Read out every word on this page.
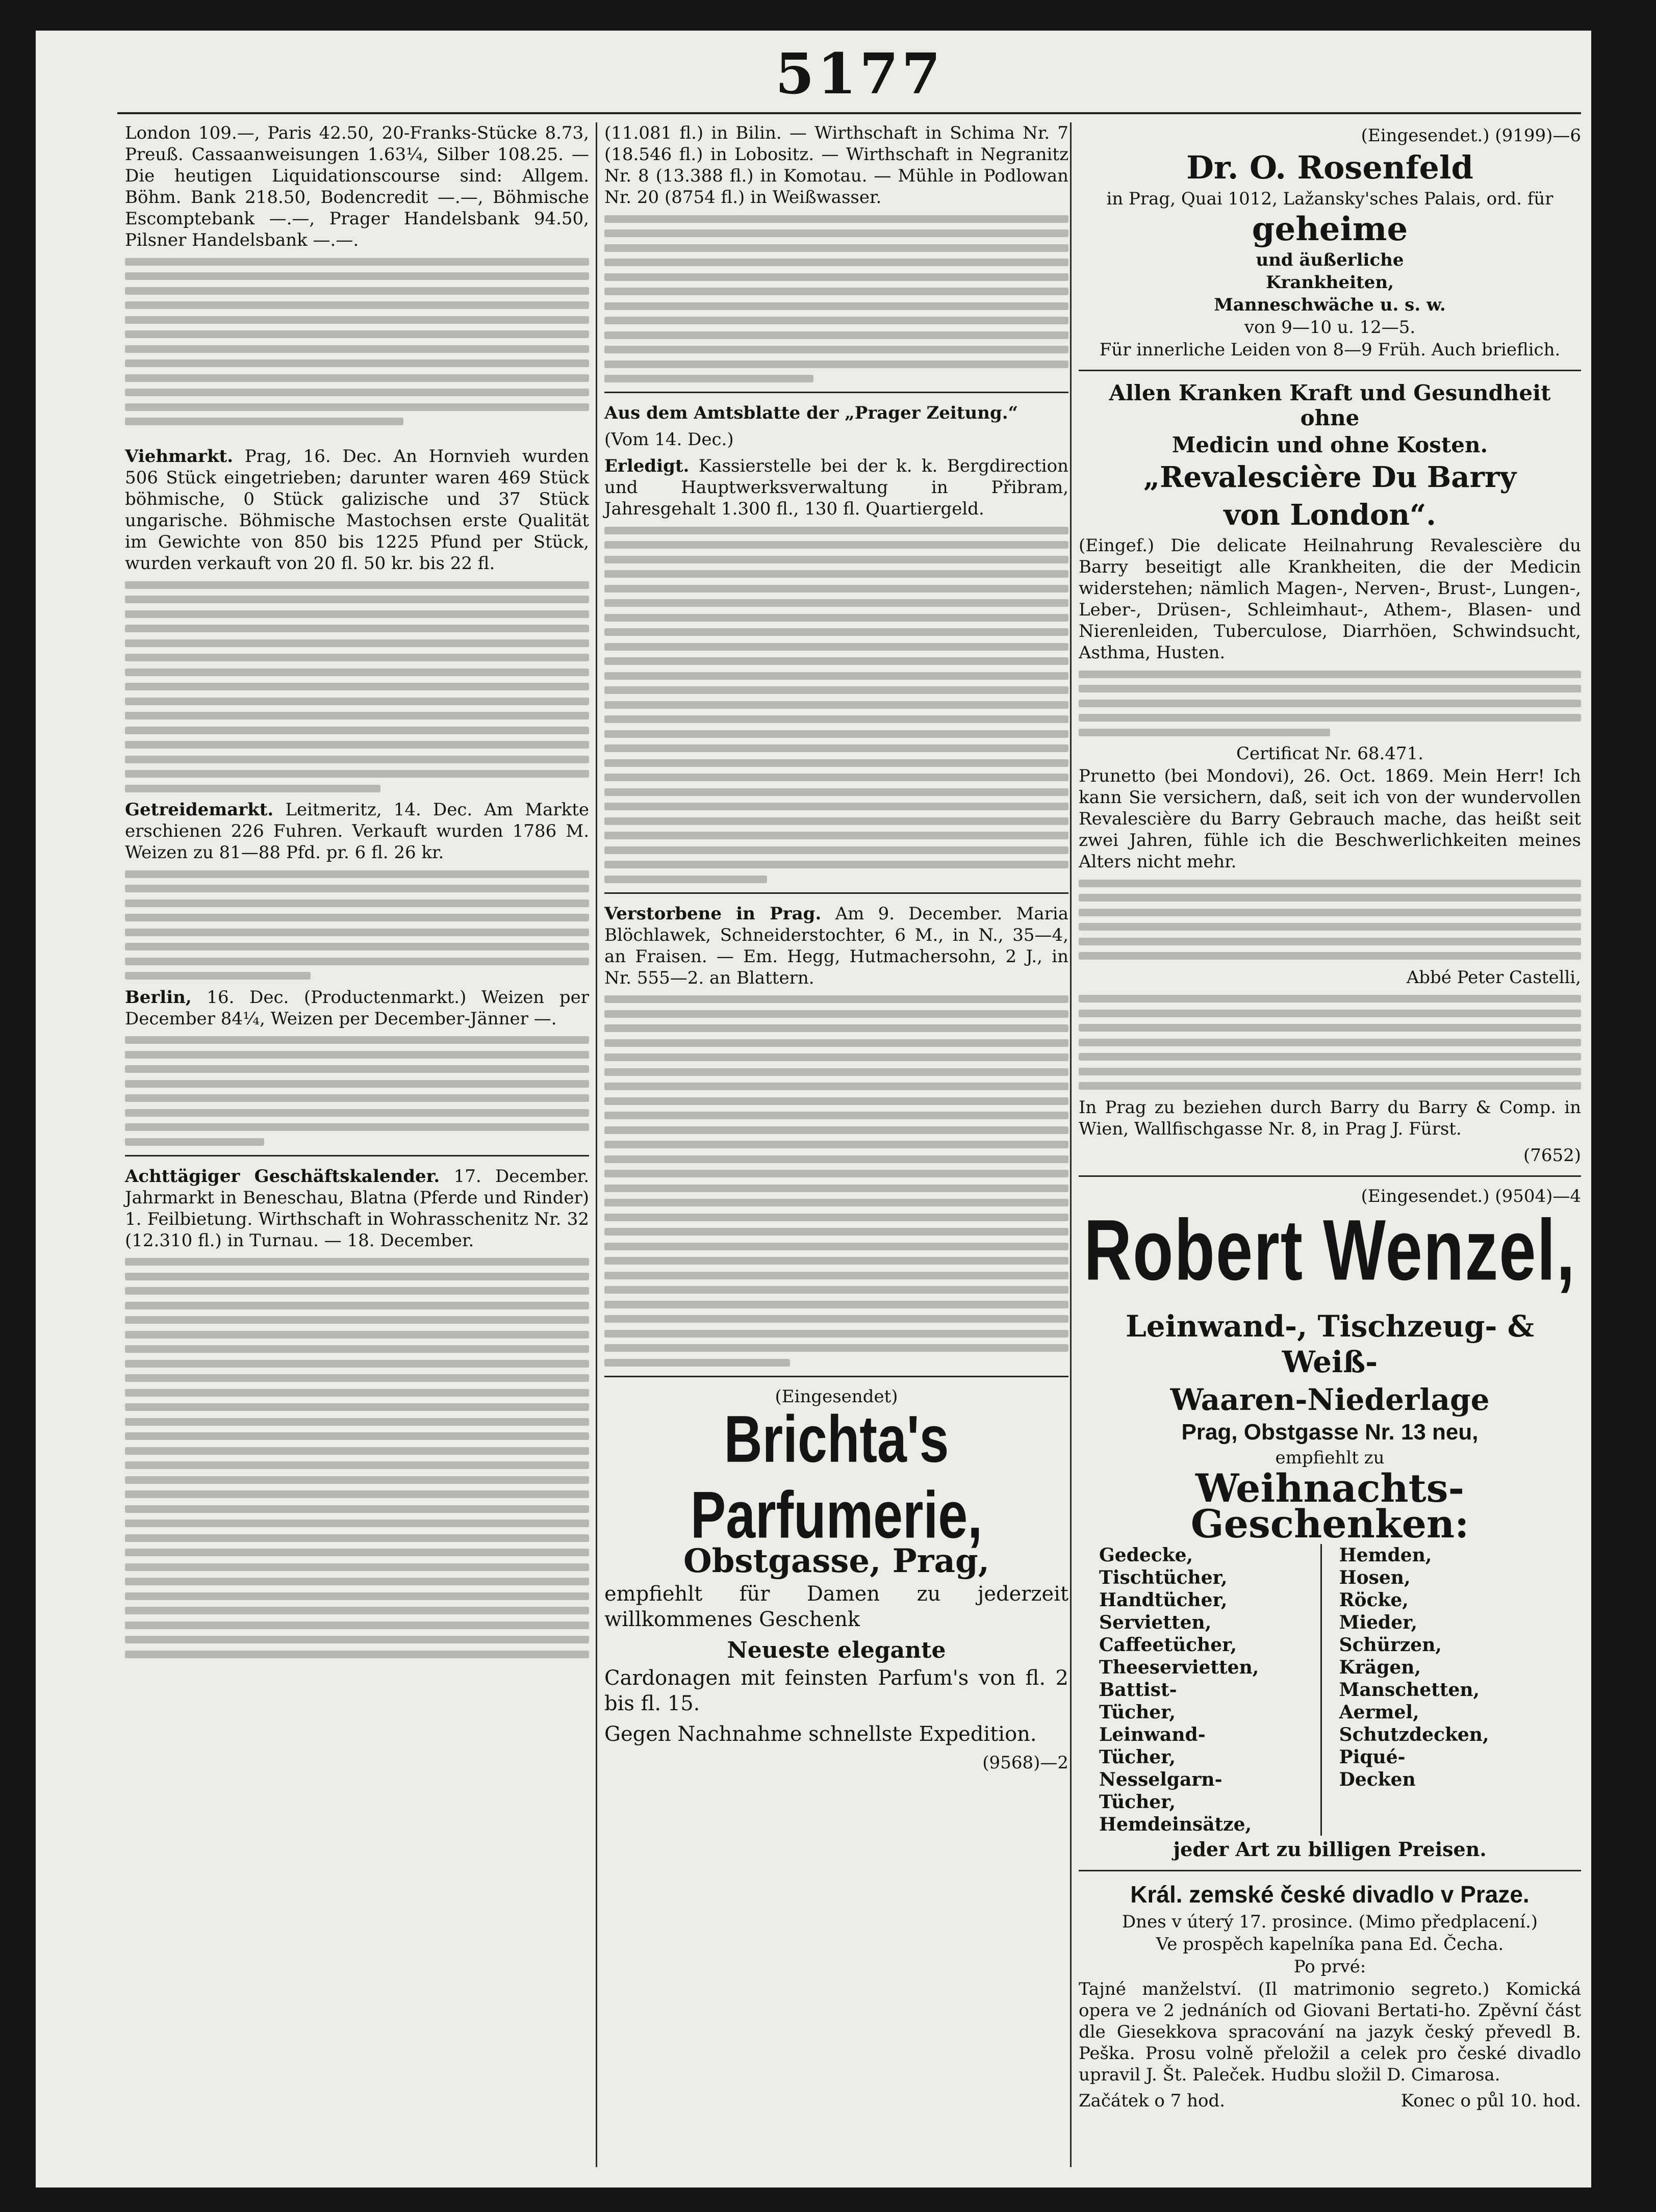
5177

London 109.—, Paris 42.50, 20-Franks-Stücke 8.73, Preuß. Cassaanweisungen 1.63¼, Silber 108.25. — Die heutigen Liquidationscourse sind: Allgem. Böhm. Bank 218.50, Bodencredit —.—, Böhmische Escomptebank —.—, Prager Handelsbank 94.50, Pilsner Handelsbank —.—.

Viehmarkt. Prag, 16. Dec. An Hornvieh wurden 506 Stück eingetrieben; darunter waren 469 Stück böhmische, 0 Stück galizische und 37 Stück ungarische. Böhmische Mastochsen erste Qualität im Gewichte von 850 bis 1225 Pfund per Stück, wurden verkauft von 20 fl. 50 kr. bis 22 fl.

Getreidemarkt. Leitmeritz, 14. Dec. Am Markte erschienen 226 Fuhren. Verkauft wurden 1786 M. Weizen zu 81—88 Pfd. pr. 6 fl. 26 kr.

Berlin, 16. Dec. (Productenmarkt.) Weizen per December 84¼, Weizen per December-Jänner —.

Achttägiger Geschäftskalender. 17. December. Jahrmarkt in Beneschau, Blatna (Pferde und Rinder) 1. Feilbietung. Wirthschaft in Wohrasschenitz Nr. 32 (12.310 fl.) in Turnau. — 18. December.

(11.081 fl.) in Bilin. — Wirthschaft in Schima Nr. 7 (18.546 fl.) in Lobositz. — Wirthschaft in Negranitz Nr. 8 (13.388 fl.) in Komotau. — Mühle in Podlowan Nr. 20 (8754 fl.) in Weißwasser.

Aus dem Amtsblatte der „Prager Zeitung.“

(Vom 14. Dec.)

Erledigt. Kassierstelle bei der k. k. Bergdirection und Hauptwerksverwaltung in Přibram, Jahresgehalt 1.300 fl., 130 fl. Quartiergeld.

Verstorbene in Prag. Am 9. December. Maria Blöchlawek, Schneiderstochter, 6 M., in N., 35—4, an Fraisen. — Em. Hegg, Hutmachersohn, 2 J., in Nr. 555—2. an Blattern.

(Eingesendet)

Brichta's Parfumerie,
Obstgasse, Prag,

empfiehlt für Damen zu jederzeit willkommenes Geschenk

Neueste elegante

Cardonagen mit feinsten Parfum's von fl. 2 bis fl. 15.

Gegen Nachnahme schnellste Expedition.

(9568)—2

(Eingesendet.) (9199)—6

Dr. O. Rosenfeld

in Prag, Quai 1012, Lažansky'sches Palais, ord. für

geheime

und äußerliche

Krankheiten,

Manneschwäche u. s. w.

von 9—10 u. 12—5.

Für innerliche Leiden von 8—9 Früh. Auch brieflich.

Allen Kranken Kraft und Gesundheit ohne

Medicin und ohne Kosten.

„Revalescière Du Barry
von London“.

(Eingef.) Die delicate Heilnahrung Revalescière du Barry beseitigt alle Krankheiten, die der Medicin widerstehen; nämlich Magen-, Nerven-, Brust-, Lungen-, Leber-, Drüsen-, Schleimhaut-, Athem-, Blasen- und Nierenleiden, Tuberculose, Diarrhöen, Schwindsucht, Asthma, Husten.

Certificat Nr. 68.471.

Prunetto (bei Mondovi), 26. Oct. 1869. Mein Herr! Ich kann Sie versichern, daß, seit ich von der wundervollen Revalescière du Barry Gebrauch mache, das heißt seit zwei Jahren, fühle ich die Beschwerlichkeiten meines Alters nicht mehr.

Abbé Peter Castelli,

In Prag zu beziehen durch Barry du Barry & Comp. in Wien, Wallfischgasse Nr. 8, in Prag J. Fürst.

(7652)

(Eingesendet.) (9504)—4

Robert Wenzel,
Leinwand-, Tischzeug- & Weiß-
Waaren-Niederlage

Prag, Obstgasse Nr. 13 neu,

empfiehlt zu

Weihnachts-Geschenken:
Gedecke,
Tischtücher,
Handtücher,
Servietten,
Caffeetücher,
Theeservietten,
Battist-Tücher,
Leinwand-Tücher,
Nesselgarn-Tücher,
Hemdeinsätze,
Hemden,
Hosen,
Röcke,
Mieder,
Schürzen,
Krägen,
Manschetten,
Aermel,
Schutzdecken,
Piqué-Decken

jeder Art zu billigen Preisen.

Král. zemské české divadlo v Praze.

Dnes v úterý 17. prosince. (Mimo předplacení.)

Ve prospěch kapelníka pana Ed. Čecha.

Po prvé:

Tajné manželství. (Il matrimonio segreto.) Komická opera ve 2 jednáních od Giovani Bertati-ho. Zpěvní část dle Giesekkova spracování na jazyk český převedl B. Peška. Prosu volně přeložil a celek pro české divadlo upravil J. Št. Paleček. Hudbu složil D. Cimarosa.

Začátek o 7 hod.	Konec o půl 10. hod.
